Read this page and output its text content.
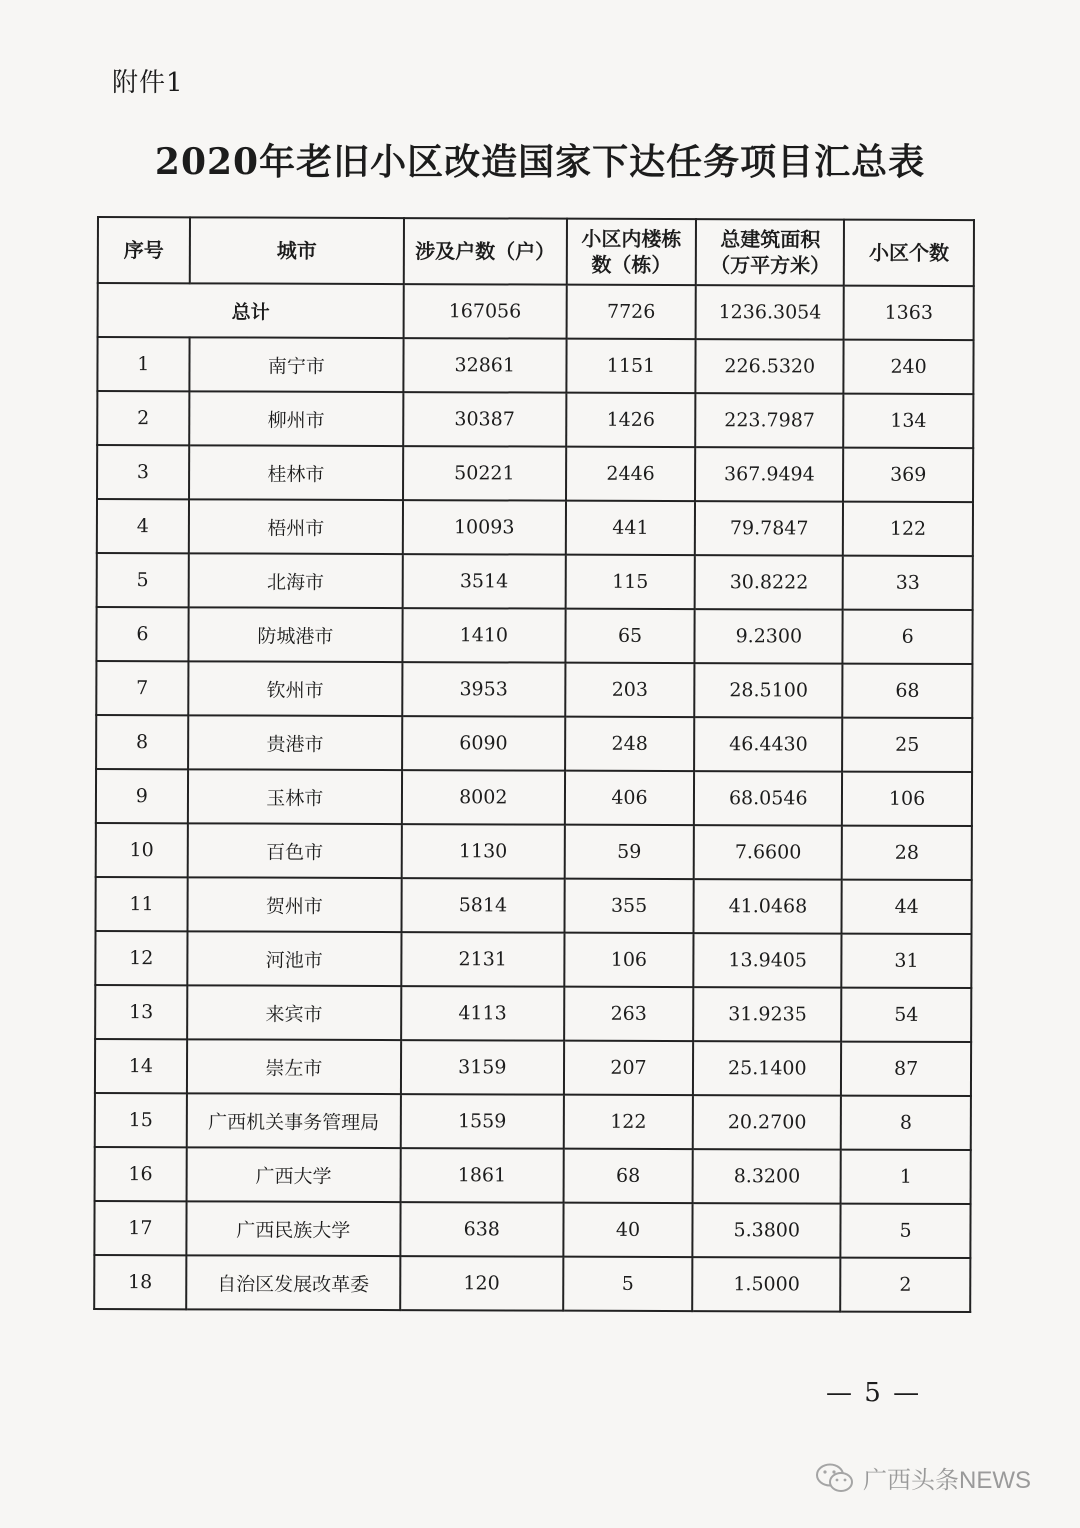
附件1
2020年老旧小区改造国家下达任务项目汇总表
序号	城市	涉及户数（户）	小区内楼栋数（栋）	总建筑面积（万平方米）	小区个数
总计		167056	7726	1236.3054	1363
1	南宁市	32861	1151	226.5320	240
2	柳州市	30387	1426	223.7987	134
3	桂林市	50221	2446	367.9494	369
4	梧州市	10093	441	79.7847	122
5	北海市	3514	115	30.8222	33
6	防城港市	1410	65	9.2300	6
7	钦州市	3953	203	28.5100	68
8	贵港市	6090	248	46.4430	25
9	玉林市	8002	406	68.0546	106
10	百色市	1130	59	7.6600	28
11	贺州市	5814	355	41.0468	44
12	河池市	2131	106	13.9405	31
13	来宾市	4113	263	31.9235	54
14	崇左市	3159	207	25.1400	87
15	广西机关事务管理局	1559	122	20.2700	8
16	广西大学	1861	68	8.3200	1
17	广西民族大学	638	40	5.3800	5
18	自治区发展改革委	120	5	1.5000	2
— 5 —
广西头条NEWS
